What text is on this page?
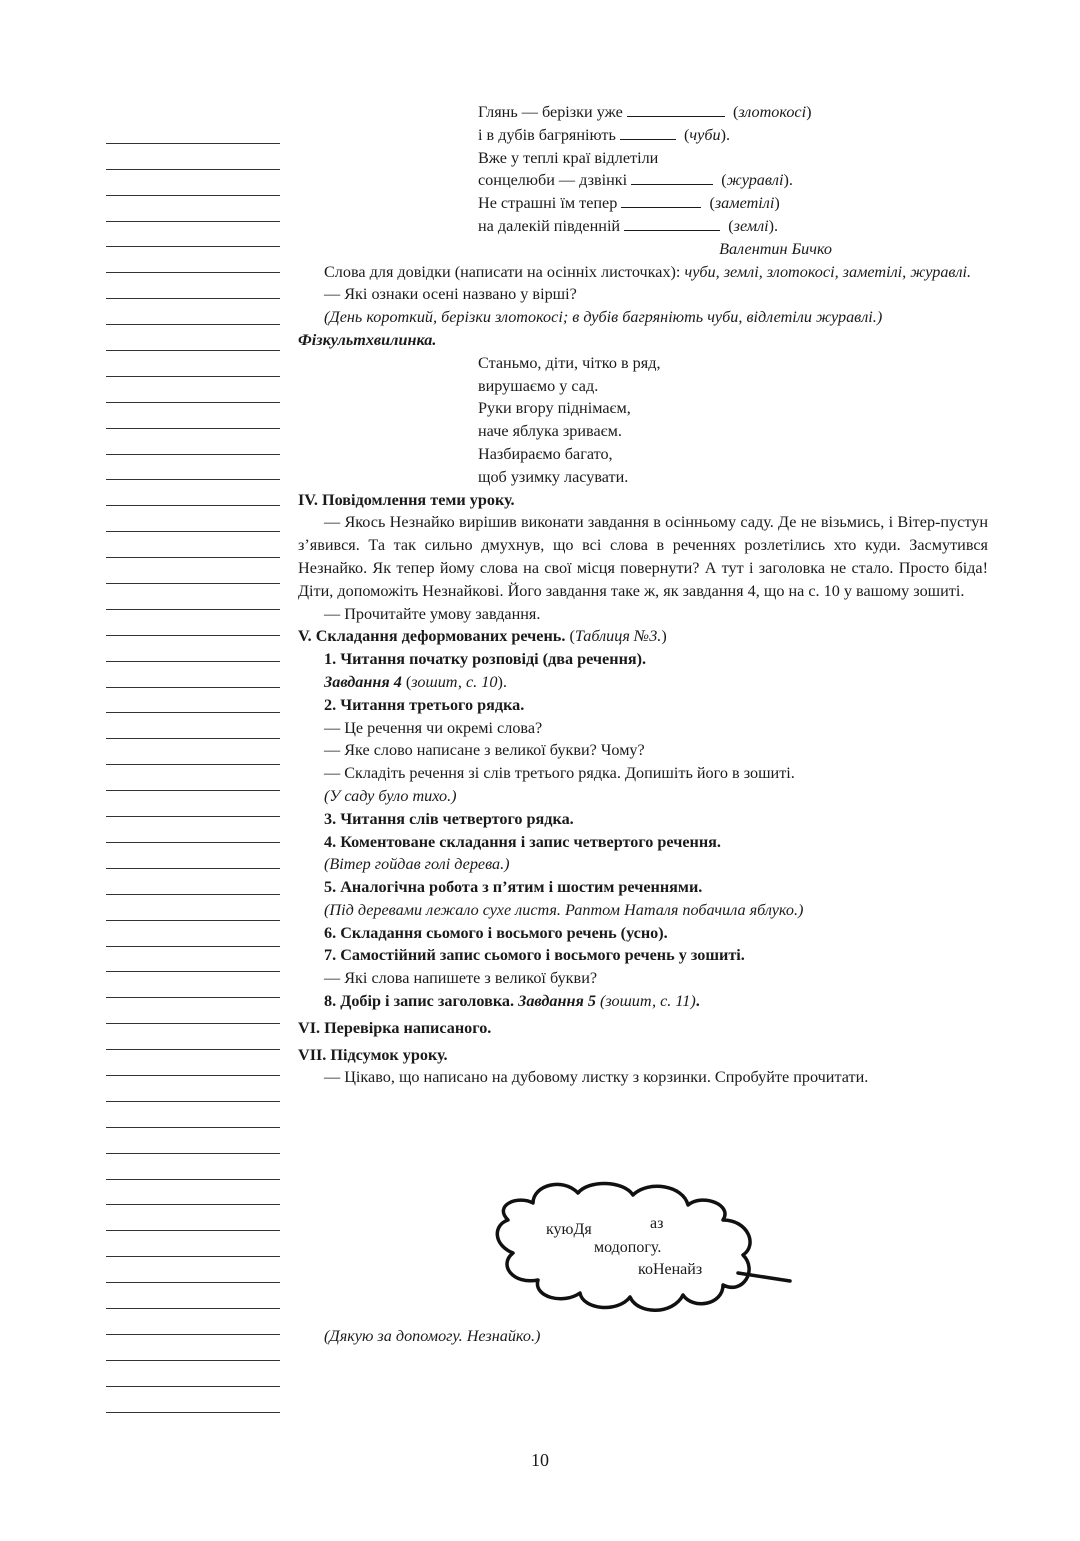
Глянь — берізки уже	(злотокосі)

і в дубів багряніють	(чуби).

Вже у теплі краї відлетіли

сонцелюби — дзвінкі	(журавлі).

Не страшні їм тепер	(заметілі)

на далекій південній	(землі).

Валентин Бичко

Слова для довідки (написати на осінніх листочках): чуби, землі, злотокосі, заметілі, журавлі.

— Які ознаки осені названо у вірші?

(День короткий, берізки злотокосі; в дубів багряніють чуби, відлетіли журавлі.)

Фізкультхвилинка.

Станьмо, діти, чітко в ряд,

вирушаємо у сад.

Руки вгору піднімаєм,

наче яблука зриваєм.

Назбираємо багато,

щоб узимку ласувати.

IV. Повідомлення теми уроку.

— Якось Незнайко вирішив виконати завдання в осінньому саду. Де не візьмись, і Вітер-пустун з’явився. Та так сильно дмухнув, що всі слова в реченнях розлетілись хто куди. Засмутився Незнайко. Як тепер йому слова на свої місця повернути? А тут і заголовка не стало. Просто біда! Діти, допоможіть Незнайкові. Його завдання таке ж, як завдання 4, що на с. 10 у вашому зошиті.

— Прочитайте умову завдання.

V. Складання деформованих речень. (Таблиця №3.)

1. Читання початку розповіді (два речення).

Завдання 4 (зошит, с. 10).

2. Читання третього рядка.

— Це речення чи окремі слова?

— Яке слово написане з великої букви? Чому?

— Складіть речення зі слів третього рядка. Допишіть його в зошиті.

(У саду було тихо.)

3. Читання слів четвертого рядка.

4. Коментоване складання і запис четвертого речення.

(Вітер гойдав голі дерева.)

5. Аналогічна робота з п’ятим і шостим реченнями.

(Під деревами лежало сухе листя. Раптом Наталя побачила яблуко.)

6. Складання сьомого і восьмого речень (усно).

7. Самостійний запис сьомого і восьмого речень у зошиті.

— Які слова напишете з великої букви?

8. Добір і запис заголовка. Завдання 5 (зошит, с. 11).

VI. Перевірка написаного.

VII. Підсумок уроку.

— Цікаво, що написано на дубовому листку з корзинки. Спробуйте прочитати.

куюДя	аз
модопогу.
коНенайз

(Дякую за допомогу. Незнайко.)

10
